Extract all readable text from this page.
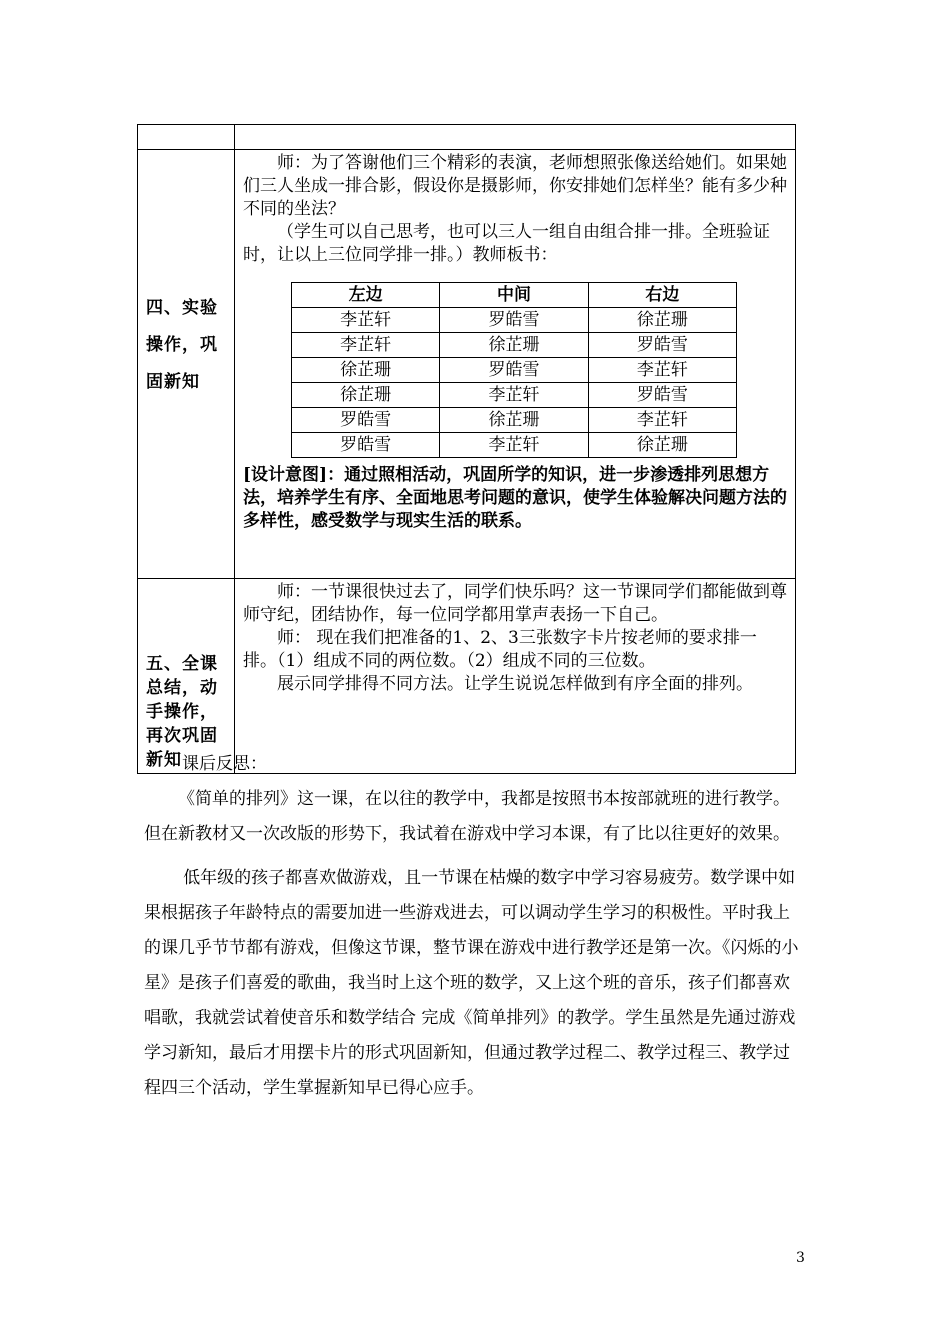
四、实验操作，巩固新知

师：为了答谢他们三个精彩的表演，老师想照张像送给她们。如果她们三人坐成一排合影，假设你是摄影师，你安排她们怎样坐？能有多少种不同的坐法？

（学生可以自己思考，也可以三人一组自由组合排一排。全班验证时，让以上三位同学排一排。）教师板书：

左边	中间	右边
李芷轩	罗皓雪	徐芷珊
李芷轩	徐芷珊	罗皓雪
徐芷珊	罗皓雪	李芷轩
徐芷珊	李芷轩	罗皓雪
罗皓雪	徐芷珊	李芷轩
罗皓雪	李芷轩	徐芷珊
[设计意图]：通过照相活动，巩固所学的知识，进一步渗透排列思想方法，培养学生有序、全面地思考问题的意识，使学生体验解决问题方法的多样性，感受数学与现实生活的联系。

五、全课总结，动手操作，再次巩固新知

师：一节课很快过去了，同学们快乐吗？这一节课同学们都能做到尊师守纪，团结协作，每一位同学都用掌声表扬一下自己。

师： 现在我们把准备的1、2、3三张数字卡片按老师的要求排一排。（1）组成不同的两位数。（2）组成不同的三位数。

展示同学排得不同方法。让学生说说怎样做到有序全面的排列。

课后反思：

《简单的排列》这一课，在以往的教学中，我都是按照书本按部就班的进行教学。但在新教材又一次改版的形势下，我试着在游戏中学习本课，有了比以往更好的效果。

低年级的孩子都喜欢做游戏，且一节课在枯燥的数字中学习容易疲劳。数学课中如果根据孩子年龄特点的需要加进一些游戏进去，可以调动学生学习的积极性。平时我上的课几乎节节都有游戏，但像这节课，整节课在游戏中进行教学还是第一次。《闪烁的小星》是孩子们喜爱的歌曲，我当时上这个班的数学，又上这个班的音乐，孩子们都喜欢唱歌，我就尝试着使音乐和数学结合 完成《简单排列》的教学。学生虽然是先通过游戏学习新知，最后才用摆卡片的形式巩固新知，但通过教学过程二、教学过程三、教学过程四三个活动，学生掌握新知早已得心应手。

3
